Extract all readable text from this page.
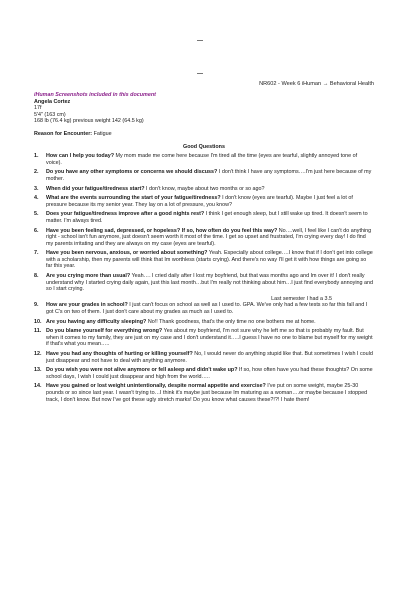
NR602 - Week 6 iHuman → Behavioral Health
iHuman Screenshots included in this document
Angela Cortez
17f
5'4" (163 cm)
168 lb (76.4 kg) previous weight 142 (64.5 kg)
Reason for Encounter: Fatigue
Good Questions
1. How can I help you today? My mom made me come here because I'm tired all the time (eyes are tearful, slightly annoyed tone of voice).
2. Do you have any other symptoms or concerns we should discuss? I don't think I have any symptoms….I'm just here because of my mother.
3. When did your fatigue/tiredness start? I don't know, maybe about two months or so ago?
4. What are the events surrounding the start of your fatigue/tiredness? I don't know (eyes are tearful). Maybe I just feel a lot of pressure because its my senior year. They lay on a lot of pressure, you know?
5. Does your fatigue/tiredness improve after a good nights rest? I think I get enough sleep, but I still wake up tired. It doesn't seem to matter. I'm always tired.
6. Have you been feeling sad, depressed, or hopeless? If so, how often do you feel this way? No….well, I feel like I can't do anything right - school isn't fun anymore, just doesn't seem worth it most of the time. I get so upset and frustrated, I'm crying every day! I do find my parents irritating and they are always on my case (eyes are tearful).
7. Have you been nervous, anxious, or worried about something? Yeah. Especially about college….I know that if I don't get into college with a scholarship, then my parents will think that Im worthless (starts crying). And there's no way I'll get it with how things are going so far this year.
8. Are you crying more than usual? Yeah…. I cried daily after I lost my boyfriend, but that was months ago and Im over it! I don't really understand why I started crying daily again, just this last month…but I'm really not thinking about him…I just find everybody annoying and so I start crying.
Last semester I had a 3.5
9. How are your grades in school? I just can't focus on school as well as I used to. GPA. We've only had a few tests so far this fall and I got C's on two of them. I just don't care about my grades as much as I used to.
10. Are you having any difficulty sleeping? No!! Thank goodness, that's the only time no one bothers me at home.
11. Do you blame yourself for everything wrong? Yes about my boyfriend, I'm not sure why he left me so that is probably my fault. But when it comes to my family, they are just on my case and I don't understand it…..I guess I have no one to blame but myself for my weight if that's what you mean…..
12. Have you had any thoughts of hurting or killing yourself? No, I would never do anything stupid like that. But sometimes I wish I could just disappear and not have to deal with anything anymore.
13. Do you wish you were not alive anymore or fell asleep and didn't wake up? If so, how often have you had these thoughts? On some school days, I wish I could just disappear and high from the world…..
14. Have you gained or lost weight unintentionally, despite normal appetite and exercise? I've put on some weight, maybe 25-30 pounds or so since last year. I wasn't trying to…I think it's maybe just because Im maturing as a woman….or maybe because I stopped track, I don't know. But now I've got these ugly stretch marks! Do you know what causes these?!?! I hate them!
